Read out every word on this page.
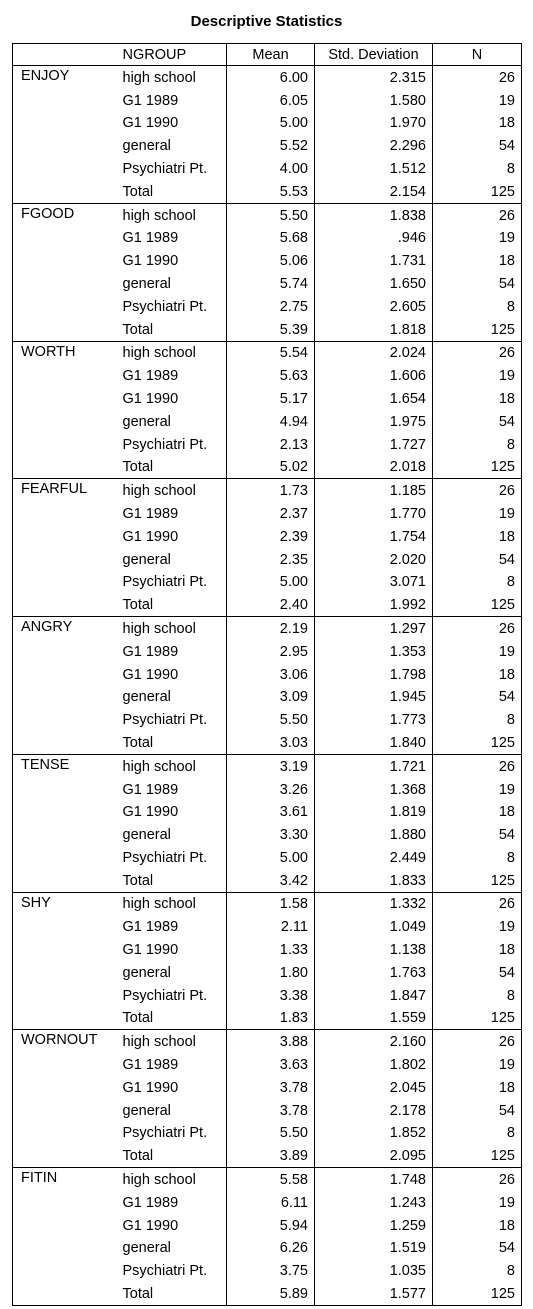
Descriptive Statistics
	NGROUP	Mean	Std. Deviation	N
ENJOY	high school	6.00	2.315	26
	G1 1989	6.05	1.580	19
	G1 1990	5.00	1.970	18
	general	5.52	2.296	54
	Psychiatri Pt.	4.00	1.512	8
	Total	5.53	2.154	125
FGOOD	high school	5.50	1.838	26
	G1 1989	5.68	.946	19
	G1 1990	5.06	1.731	18
	general	5.74	1.650	54
	Psychiatri Pt.	2.75	2.605	8
	Total	5.39	1.818	125
WORTH	high school	5.54	2.024	26
	G1 1989	5.63	1.606	19
	G1 1990	5.17	1.654	18
	general	4.94	1.975	54
	Psychiatri Pt.	2.13	1.727	8
	Total	5.02	2.018	125
FEARFUL	high school	1.73	1.185	26
	G1 1989	2.37	1.770	19
	G1 1990	2.39	1.754	18
	general	2.35	2.020	54
	Psychiatri Pt.	5.00	3.071	8
	Total	2.40	1.992	125
ANGRY	high school	2.19	1.297	26
	G1 1989	2.95	1.353	19
	G1 1990	3.06	1.798	18
	general	3.09	1.945	54
	Psychiatri Pt.	5.50	1.773	8
	Total	3.03	1.840	125
TENSE	high school	3.19	1.721	26
	G1 1989	3.26	1.368	19
	G1 1990	3.61	1.819	18
	general	3.30	1.880	54
	Psychiatri Pt.	5.00	2.449	8
	Total	3.42	1.833	125
SHY	high school	1.58	1.332	26
	G1 1989	2.11	1.049	19
	G1 1990	1.33	1.138	18
	general	1.80	1.763	54
	Psychiatri Pt.	3.38	1.847	8
	Total	1.83	1.559	125
WORNOUT	high school	3.88	2.160	26
	G1 1989	3.63	1.802	19
	G1 1990	3.78	2.045	18
	general	3.78	2.178	54
	Psychiatri Pt.	5.50	1.852	8
	Total	3.89	2.095	125
FITIN	high school	5.58	1.748	26
	G1 1989	6.11	1.243	19
	G1 1990	5.94	1.259	18
	general	6.26	1.519	54
	Psychiatri Pt.	3.75	1.035	8
	Total	5.89	1.577	125
